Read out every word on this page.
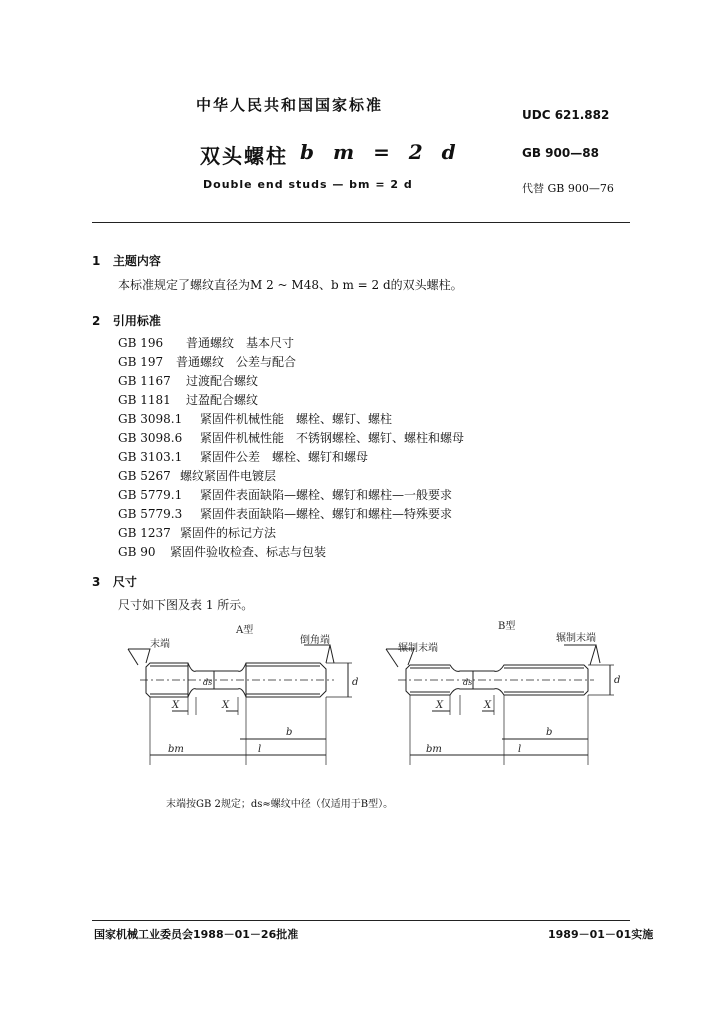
中华人民共和国国家标准
UDC 621.882
双头螺柱 b m = 2 d	GB 900—88
Double end studs — bm = 2 d	代替 GB 900—76
1 主题内容
本标准规定了螺纹直径为M 2 ~ M48、b m = 2 d的双头螺柱。
2 引用标准
GB 196 普通螺纹　基本尺寸
GB 197 普通螺纹　公差与配合
GB 1167 过渡配合螺纹
GB 1181 过盈配合螺纹
GB 3098.1 紧固件机械性能　螺栓、螺钉、螺柱
GB 3098.6 紧固件机械性能　不锈钢螺栓、螺钉、螺柱和螺母
GB 3103.1 紧固件公差　螺栓、螺钉和螺母
GB 5267 螺纹紧固件电镀层
GB 5779.1 紧固件表面缺陷—螺栓、螺钉和螺柱—一般要求
GB 5779.3 紧固件表面缺陷—螺栓、螺钉和螺柱—特殊要求
GB 1237 紧固件的标记方法
GB 90 紧固件验收检查、标志与包装
3 尺寸
尺寸如下图及表 1 所示。
A型
末端	倒角端
d
ds
X	X
b
bm	l
B型
辗制末端
辗制末端
d
ds
X	X
b
bm	l
末端按GB 2规定；ds≈螺纹中径（仅适用于B型）。
国家机械工业委员会1988－01－26批准	1989－01－01实施
